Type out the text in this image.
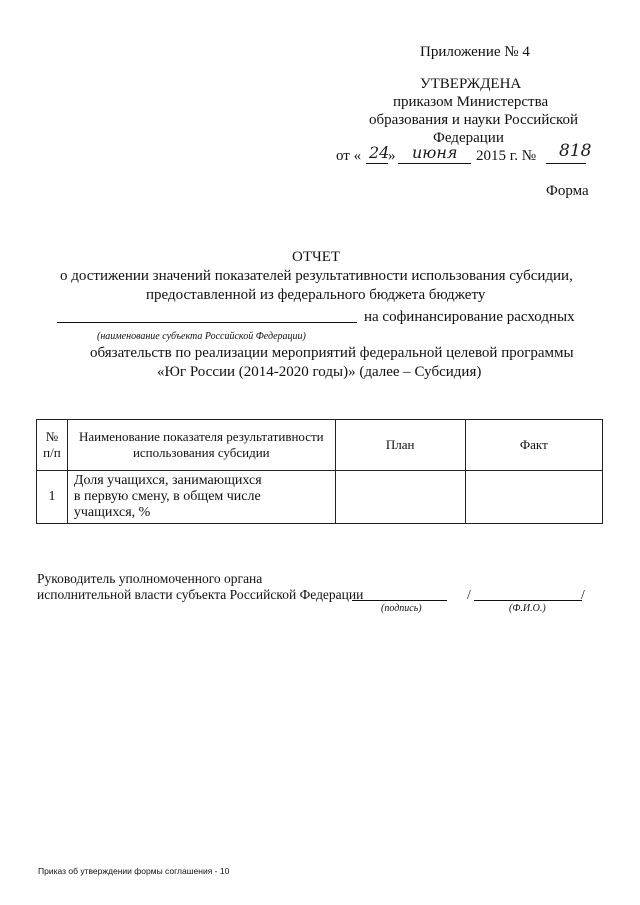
Приложение № 4
УТВЕРЖДЕНА
приказом Министерства
образования и науки Российской
Федерации
от « 24
» июня 2015 г. № 818
Форма
ОТЧЕТ
о достижении значений показателей результативности использования субсидии,
предоставленной из федерального бюджета бюджету
на софинансирование расходных
(наименование субъекта Российской Федерации)
обязательств по реализации мероприятий федеральной целевой программы
«Юг России (2014-2020 годы)» (далее – Субсидия)
№ п/п	Наименование показателя результативности использования субсидии	План	Факт
1	Доля учащихся, занимающихся
в первую смену, в общем числе
учащихся, %		

Руководитель уполномоченного органа
исполнительной власти субъекта Российской Федерации
(подпись)
/	/
(Ф.И.О.)
Приказ об утверждении формы соглашения - 10
